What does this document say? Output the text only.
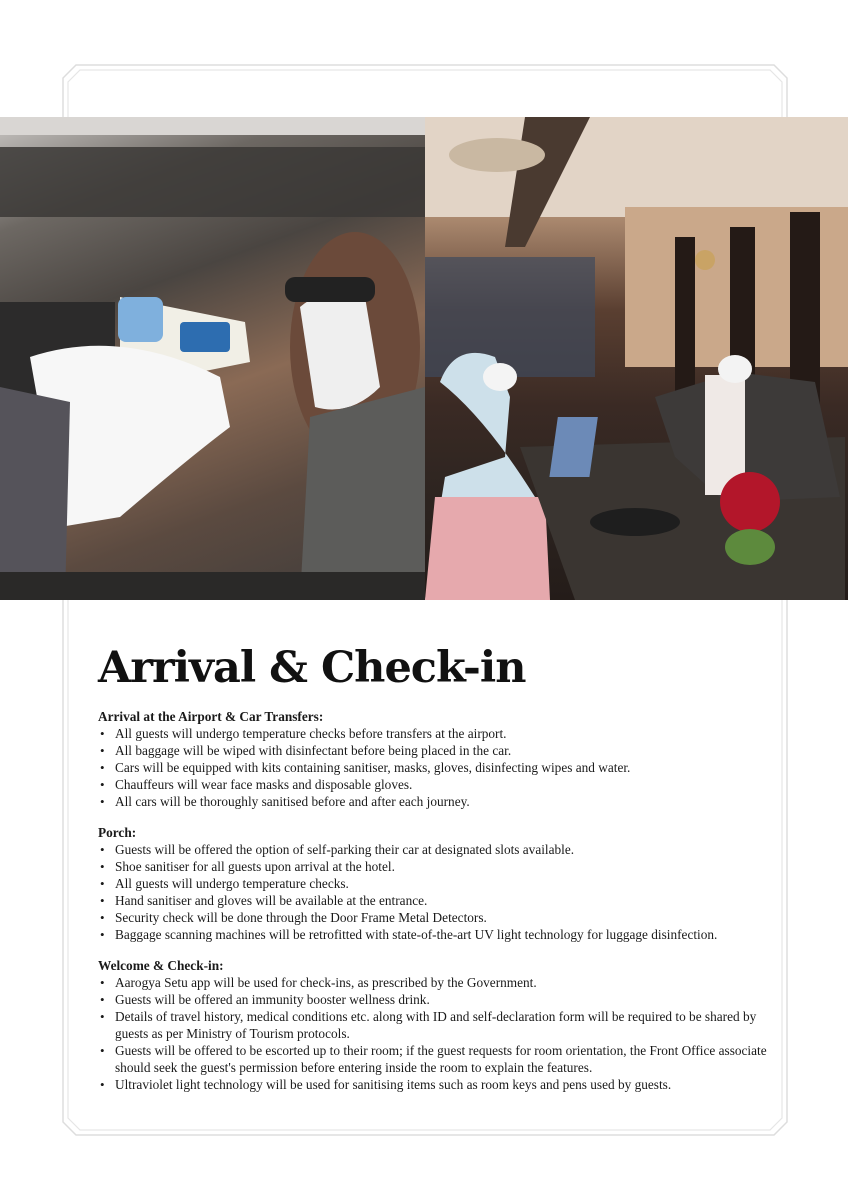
Arrival & Check-in

Arrival at the Airport & Car Transfers:

• All guests will undergo temperature checks before transfers at the airport.
• All baggage will be wiped with disinfectant before being placed in the car.
• Cars will be equipped with kits containing sanitiser, masks, gloves, disinfecting wipes and water.
• Chauffeurs will wear face masks and disposable gloves.
• All cars will be thoroughly sanitised before and after each journey.

Porch:

• Guests will be offered the option of self-parking their car at designated slots available.
• Shoe sanitiser for all guests upon arrival at the hotel.
• All guests will undergo temperature checks.
• Hand sanitiser and gloves will be available at the entrance.
• Security check will be done through the Door Frame Metal Detectors.
• Baggage scanning machines will be retrofitted with state-of-the-art UV light technology for luggage disinfection.

Welcome & Check-in:

• Aarogya Setu app will be used for check-ins, as prescribed by the Government.
• Guests will be offered an immunity booster wellness drink.
• Details of travel history, medical conditions etc. along with ID and self-declaration form will be required to be shared by guests as per Ministry of Tourism protocols.
• Guests will be offered to be escorted up to their room; if the guest requests for room orientation, the Front Office associate should seek the guest's permission before entering inside the room to explain the features.
• Ultraviolet light technology will be used for sanitising items such as room keys and pens used by guests.
